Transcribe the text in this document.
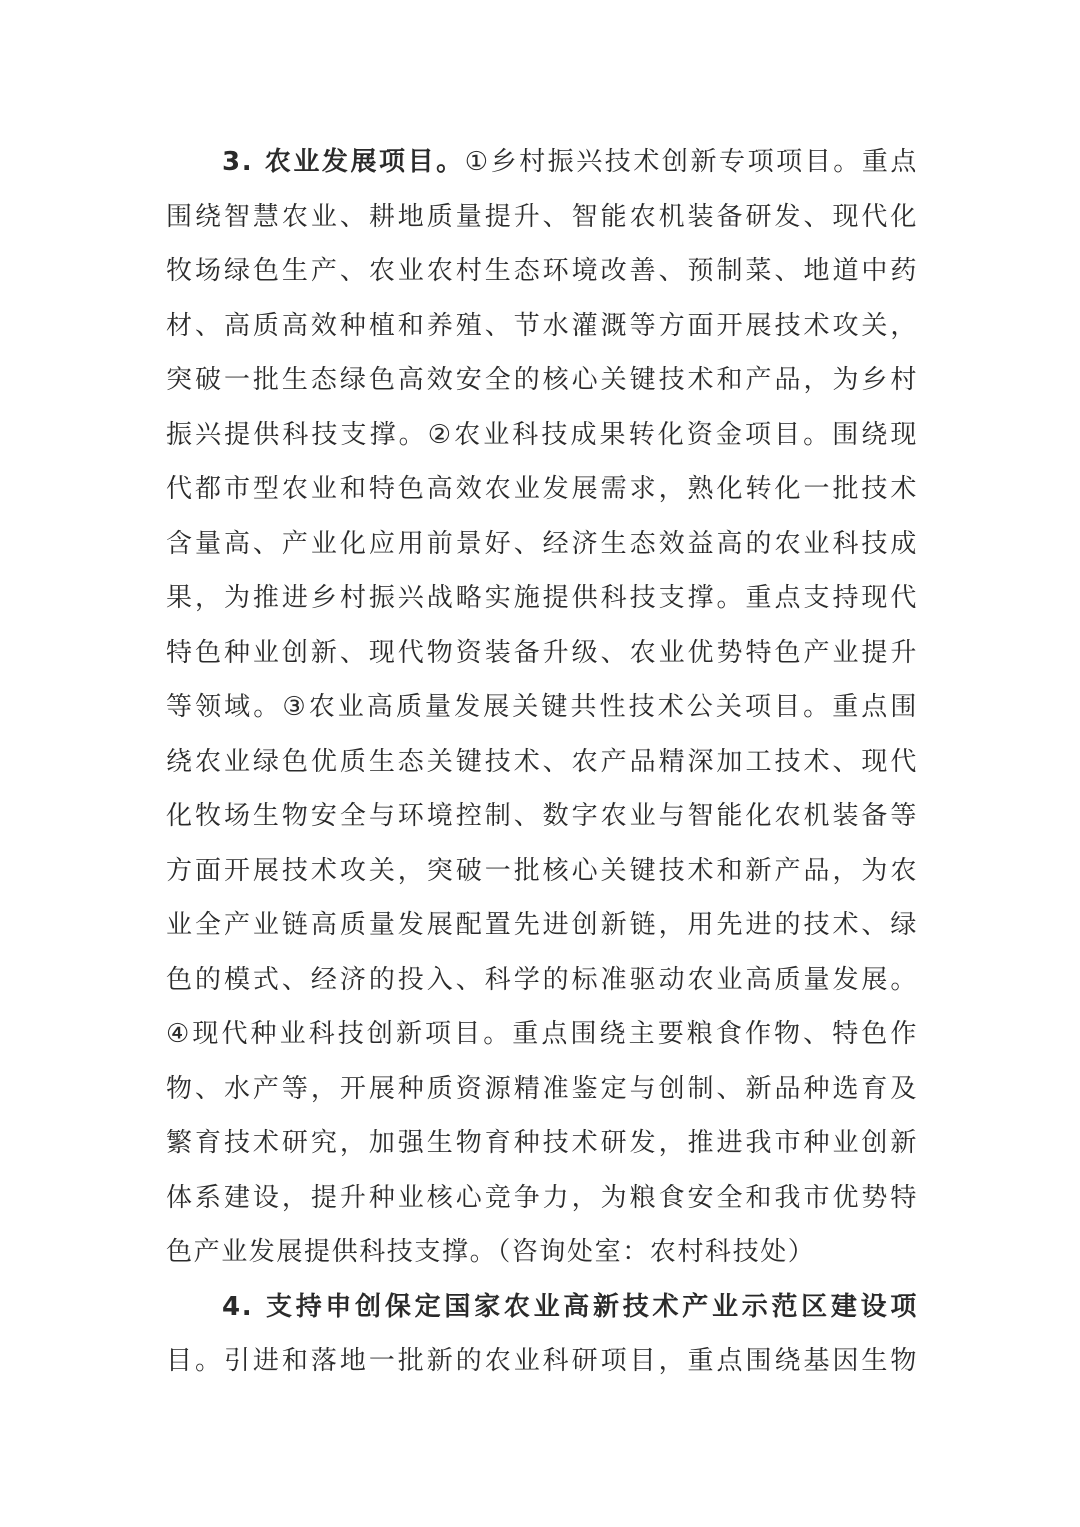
3. 农业发展项目。①乡村振兴技术创新专项项目。重点
围绕智慧农业、耕地质量提升、智能农机装备研发、现代化
牧场绿色生产、农业农村生态环境改善、预制菜、地道中药
材、高质高效种植和养殖、节水灌溉等方面开展技术攻关，
突破一批生态绿色高效安全的核心关键技术和产品，为乡村
振兴提供科技支撑。②农业科技成果转化资金项目。围绕现
代都市型农业和特色高效农业发展需求，熟化转化一批技术
含量高、产业化应用前景好、经济生态效益高的农业科技成
果，为推进乡村振兴战略实施提供科技支撑。重点支持现代
特色种业创新、现代物资装备升级、农业优势特色产业提升
等领域。③农业高质量发展关键共性技术公关项目。重点围
绕农业绿色优质生态关键技术、农产品精深加工技术、现代
化牧场生物安全与环境控制、数字农业与智能化农机装备等
方面开展技术攻关，突破一批核心关键技术和新产品，为农
业全产业链高质量发展配置先进创新链，用先进的技术、绿
色的模式、经济的投入、科学的标准驱动农业高质量发展。
④现代种业科技创新项目。重点围绕主要粮食作物、特色作
物、水产等，开展种质资源精准鉴定与创制、新品种选育及
繁育技术研究，加强生物育种技术研发，推进我市种业创新
体系建设，提升种业核心竞争力，为粮食安全和我市优势特
色产业发展提供科技支撑。（咨询处室：农村科技处）
4. 支持申创保定国家农业高新技术产业示范区建设项
目。引进和落地一批新的农业科研项目，重点围绕基因生物
